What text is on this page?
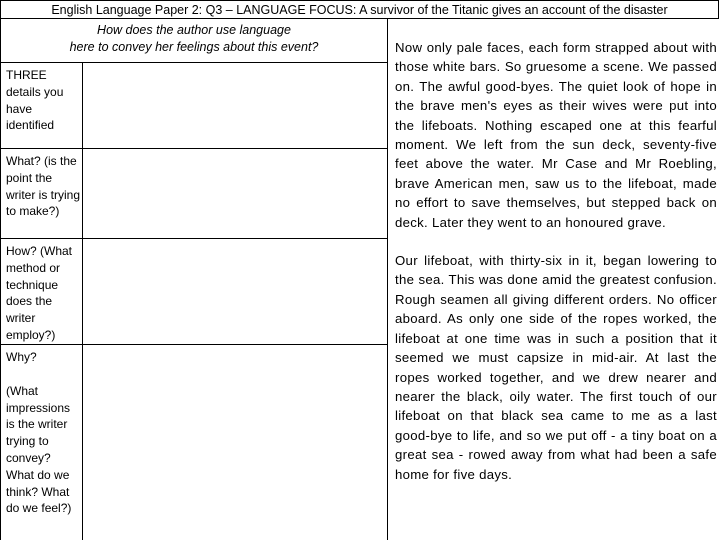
English Language Paper 2: Q3 – LANGUAGE FOCUS: A survivor of the Titanic gives an account of the disaster
How does the author use language
here to convey her feelings about this event?

THREE details you have identified

What? (is the point the writer is trying to make?)

How? (What method or technique does the writer employ?)

Why?

(What impressions is the writer trying to convey? What do we think? What do we feel?)

Now only pale faces, each form strapped about with those white bars. So gruesome a scene. We passed on. The awful good-byes. The quiet look of hope in the brave men's eyes as their wives were put into the lifeboats. Nothing escaped one at this fearful moment. We left from the sun deck, seventy-five feet above the water. Mr Case and Mr Roebling, brave American men, saw us to the lifeboat, made no effort to save themselves, but stepped back on deck. Later they went to an honoured grave.

Our lifeboat, with thirty-six in it, began lowering to the sea. This was done amid the greatest confusion. Rough seamen all giving different orders. No officer aboard. As only one side of the ropes worked, the lifeboat at one time was in such a position that it seemed we must capsize in mid-air. At last the ropes worked together, and we drew nearer and nearer the black, oily water. The first touch of our lifeboat on that black sea came to me as a last good-bye to life, and so we put off - a tiny boat on a great sea - rowed away from what had been a safe home for five days.
